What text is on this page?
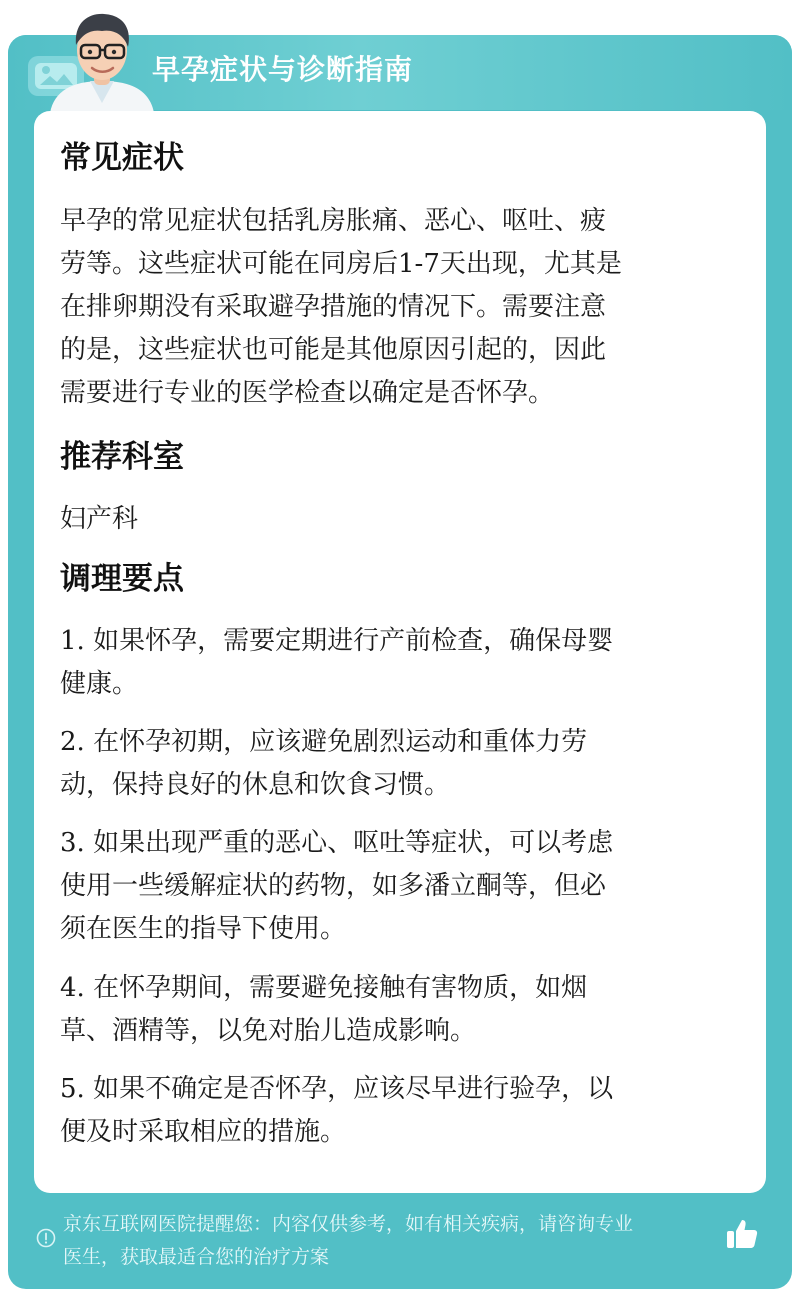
早孕症状与诊断指南
常见症状
早孕的常见症状包括乳房胀痛、恶心、呕吐、疲
劳等。这些症状可能在同房后1-7天出现，尤其是
在排卵期没有采取避孕措施的情况下。需要注意
的是，这些症状也可能是其他原因引起的，因此
需要进行专业的医学检查以确定是否怀孕。
推荐科室
妇产科
调理要点
1. 如果怀孕，需要定期进行产前检查，确保母婴
健康。
2. 在怀孕初期，应该避免剧烈运动和重体力劳
动，保持良好的休息和饮食习惯。
3. 如果出现严重的恶心、呕吐等症状，可以考虑
使用一些缓解症状的药物，如多潘立酮等，但必
须在医生的指导下使用。
4. 在怀孕期间，需要避免接触有害物质，如烟
草、酒精等，以免对胎儿造成影响。
5. 如果不确定是否怀孕，应该尽早进行验孕，以
便及时采取相应的措施。
京东互联网医院提醒您：内容仅供参考，如有相关疾病，请咨询专业
医生，获取最适合您的治疗方案
